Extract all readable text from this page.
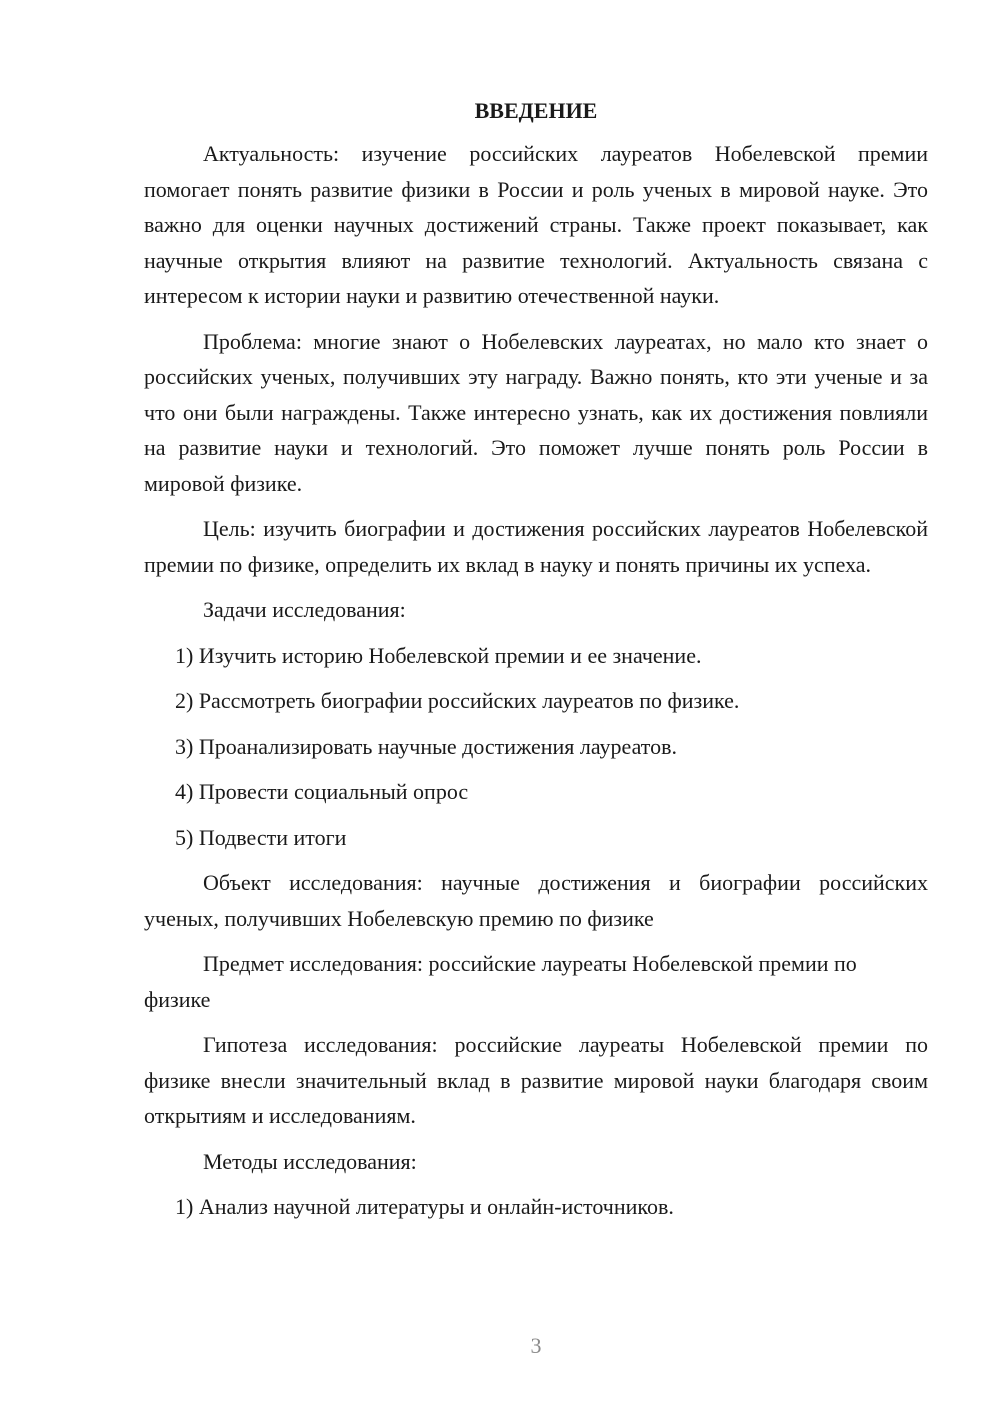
ВВЕДЕНИЕ

Актуальность: изучение российских лауреатов Нобелевской премии помогает понять развитие физики в России и роль ученых в мировой науке. Это важно для оценки научных достижений страны. Также проект показывает, как научные открытия влияют на развитие технологий. Актуальность связана с интересом к истории науки и развитию отечественной науки.

Проблема: многие знают о Нобелевских лауреатах, но мало кто знает о российских ученых, получивших эту награду. Важно понять, кто эти ученые и за что они были награждены. Также интересно узнать, как их достижения повлияли на развитие науки и технологий. Это поможет лучше понять роль России в мировой физике.

Цель: изучить биографии и достижения российских лауреатов Нобелевской премии по физике, определить их вклад в науку и понять причины их успеха.

Задачи исследования:

1) Изучить историю Нобелевской премии и ее значение.
2) Рассмотреть биографии российских лауреатов по физике.
3) Проанализировать научные достижения лауреатов.
4) Провести социальный опрос
5) Подвести итоги

Объект исследования: научные достижения и биографии российских ученых, получивших Нобелевскую премию по физике

Предмет исследования: российские лауреаты Нобелевской премии по физике

Гипотеза исследования: российские лауреаты Нобелевской премии по физике внесли значительный вклад в развитие мировой науки благодаря своим открытиям и исследованиям.

Методы исследования:

1) Анализ научной литературы и онлайн-источников.
3
